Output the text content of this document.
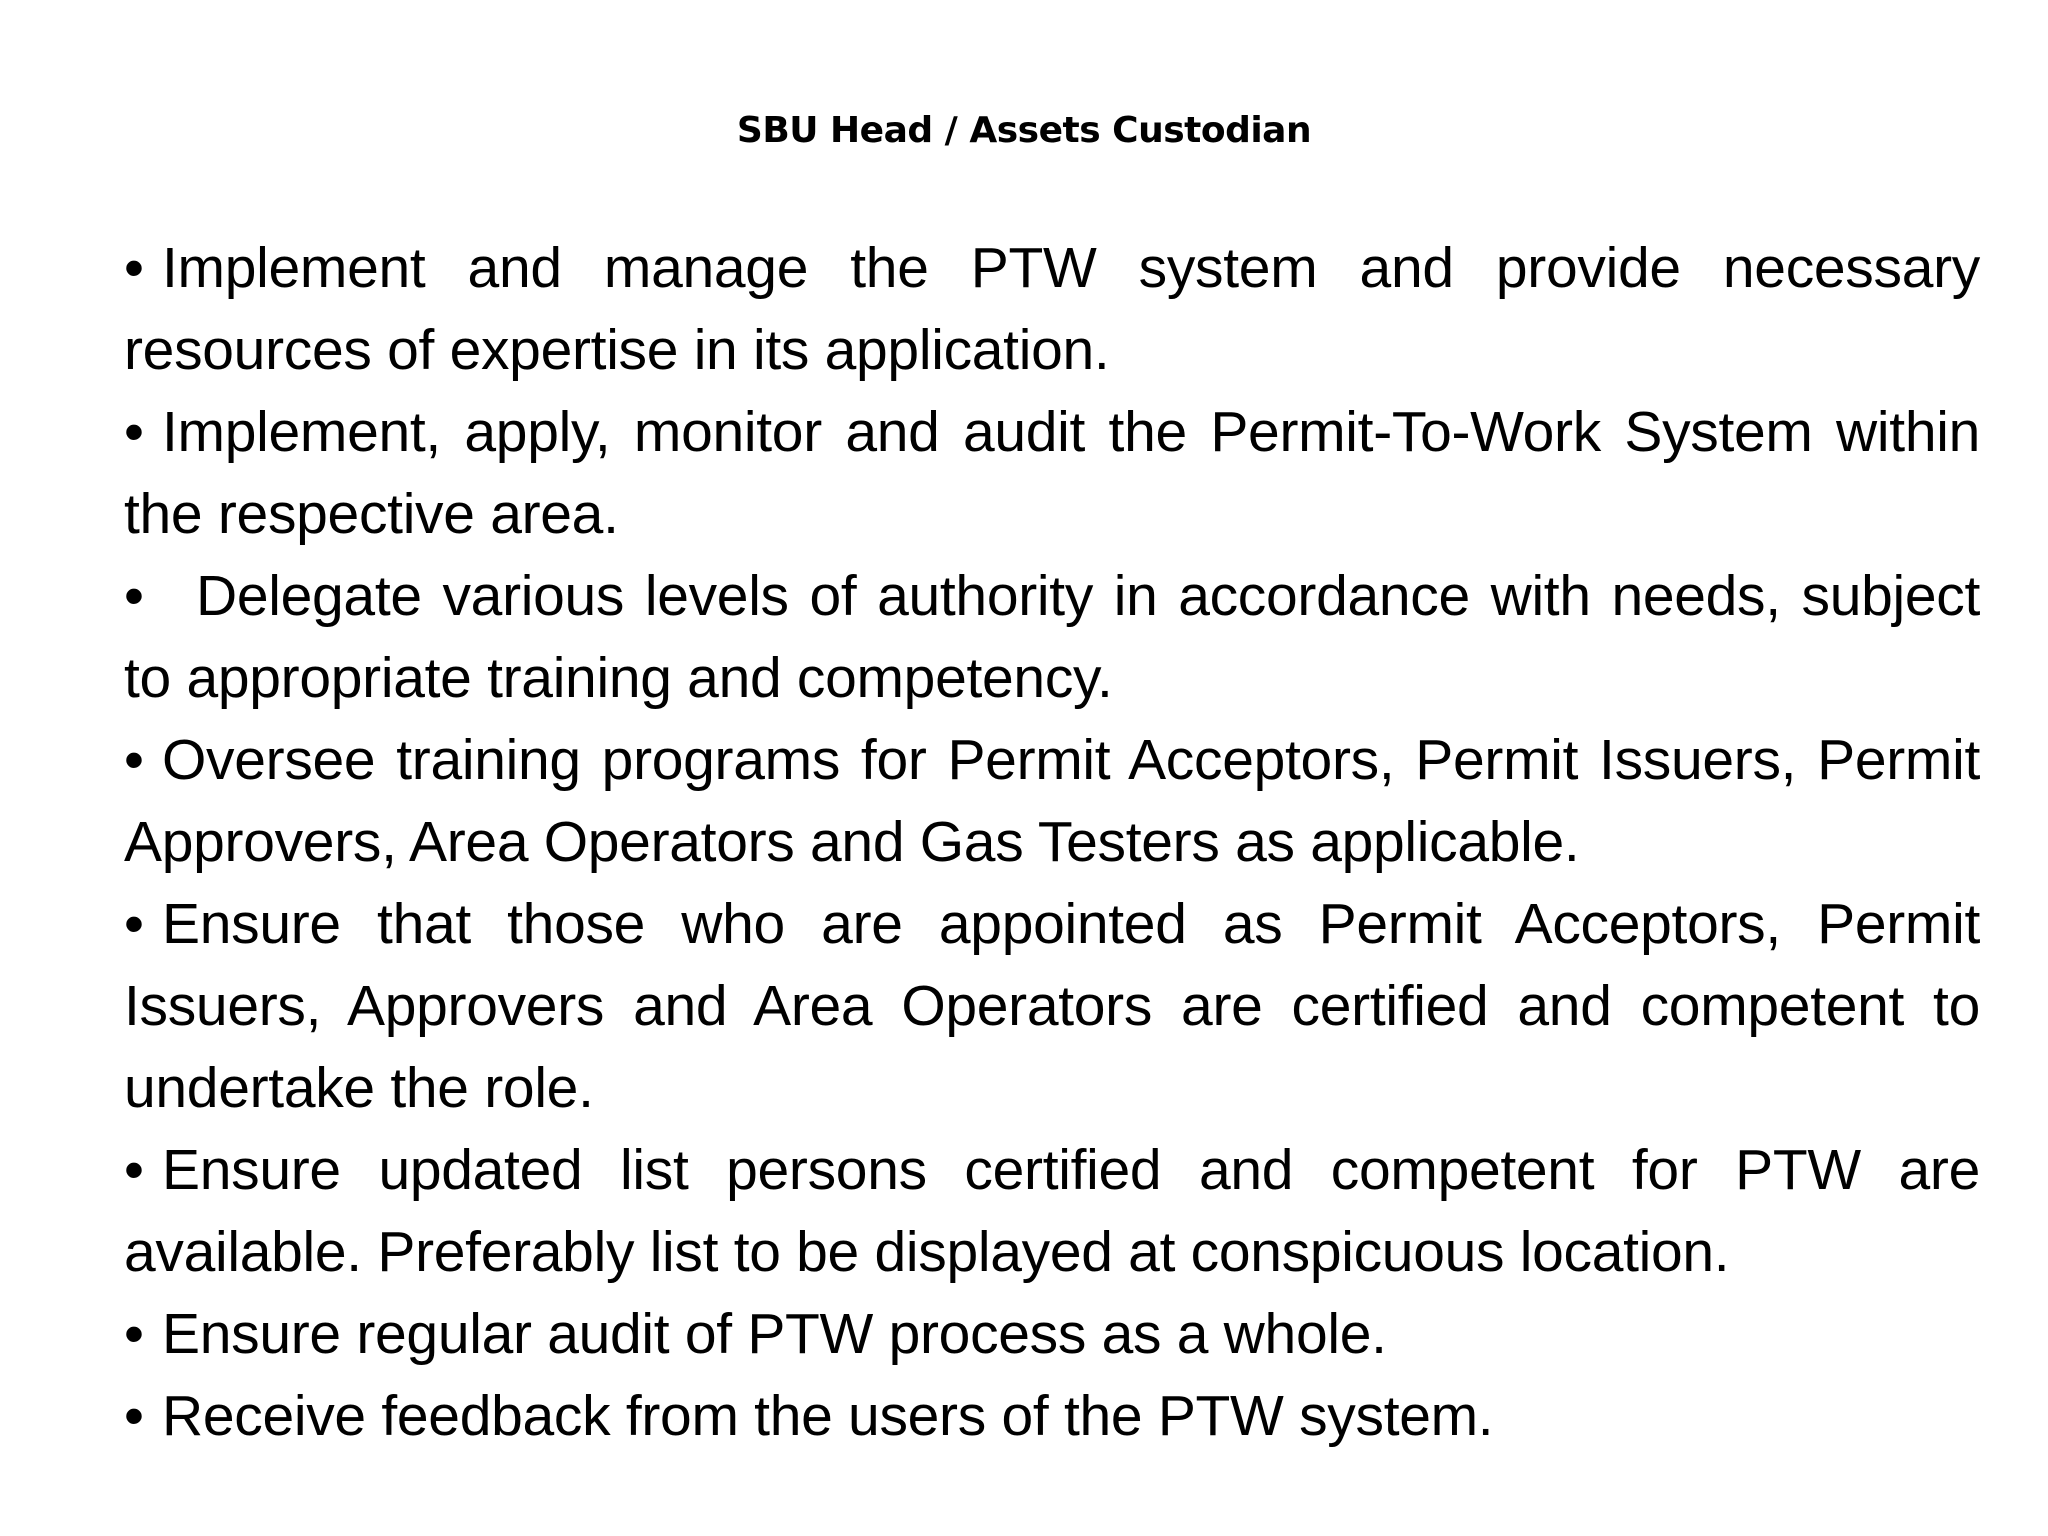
SBU Head / Assets Custodian
• Implement and manage the PTW system and provide necessary resources of expertise in its application.
• Implement, apply, monitor and audit the Permit-To-Work System within the respective area.
• Delegate various levels of authority in accordance with needs, subject to appropriate training and competency.
• Oversee training programs for Permit Acceptors, Permit Issuers, Permit Approvers, Area Operators and Gas Testers as applicable.
• Ensure that those who are appointed as Permit Acceptors, Permit Issuers, Approvers and Area Operators are certified and competent to undertake the role.
• Ensure updated list persons certified and competent for PTW are available. Preferably list to be displayed at conspicuous location.
• Ensure regular audit of PTW process as a whole.
• Receive feedback from the users of the PTW system.
